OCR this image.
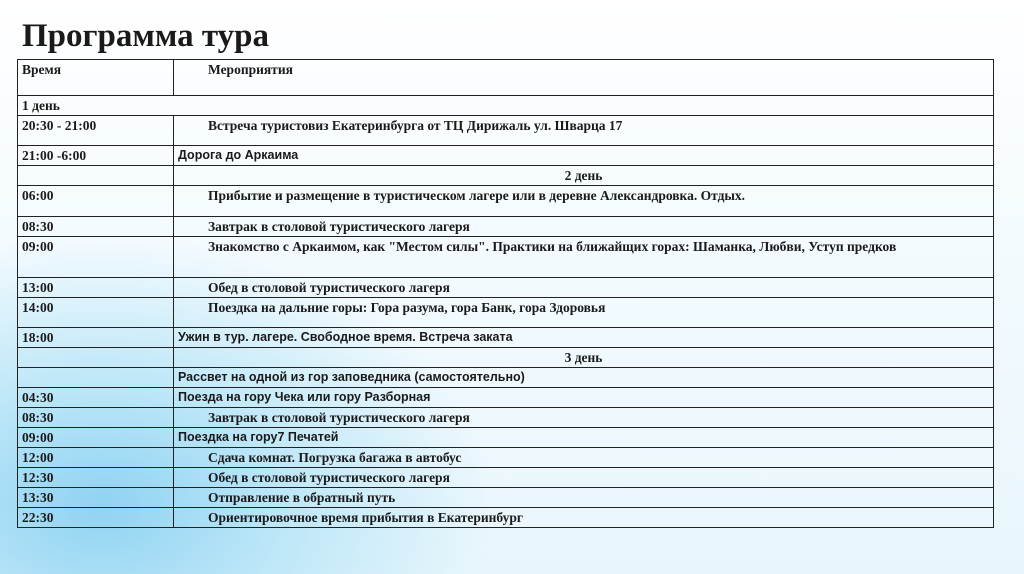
Программа тура
Время	Мероприятия
1 день	
20:30 - 21:00	Встреча туристовиз Екатеринбурга от ТЦ Дирижаль ул. Шварца 17
21:00 -6:00	Дорога до Аркаима
	2 день
06:00	Прибытие и размещение в туристическом лагере или в деревне Александровка. Отдых.
08:30	Завтрак в столовой туристического лагеря
09:00	Знакомство с Аркаимом, как "Местом силы". Практики на ближайщих горах: Шаманка, Любви, Уступ предков
13:00	Обед в столовой туристического лагеря
14:00	Поездка на дальние горы: Гора разума, гора Банк, гора Здоровья
18:00	Ужин в тур. лагере. Свободное время. Встреча заката
	3 день
	Рассвет на одной из гор заповедника (самостоятельно)
04:30	Поезда на гору Чека или гору Разборная
08:30	Завтрак в столовой туристического лагеря
09:00	Поездка на гору7 Печатей
12:00	Сдача комнат. Погрузка багажа в автобус
12:30	Обед в столовой туристического лагеря
13:30	Отправление в обратный путь
22:30	Ориентировочное время прибытия в Екатеринбург
